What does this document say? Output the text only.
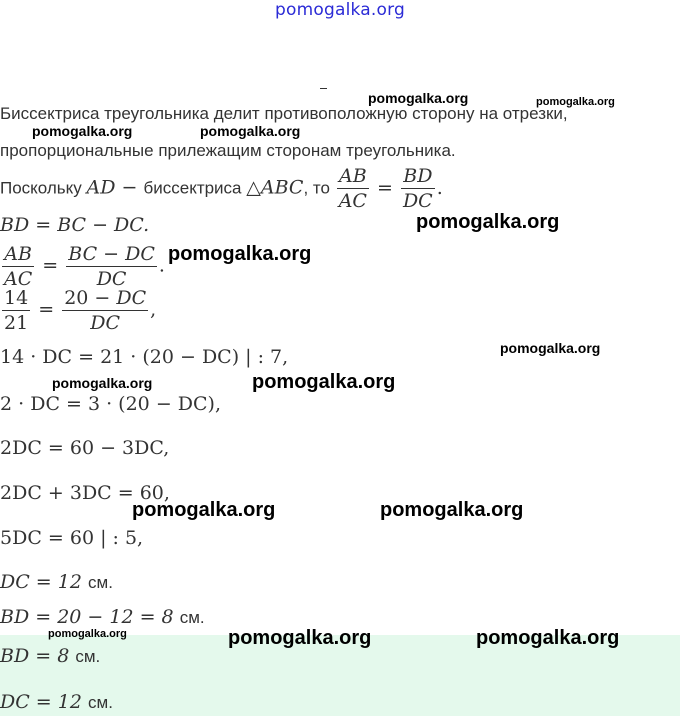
pomogalka.org
Биссектриса треугольника делит противоположную сторону на отрезки,
пропорциональные прилежащим сторонам треугольника.
Поскольку AD − биссектриса △ABC, то $\frac{AB}{AC} = \frac{BD}{DC}$ .
BD = BC − DC.
$\frac{AB}{AC} = \frac{BC - DC}{DC}$ .
$\frac{14}{21} = \frac{20 - DC}{DC}$ ,
14 · DC = 21 · (20 − DC) | : 7,
2 · DC = 3 · (20 − DC),
2DC = 60 − 3DC,
2DC + 3DC = 60,
5DC = 60 | : 5,
DC = 12 см.
BD = 20 − 12 = 8 см.
BD = 8 см.
DC = 12 см.
pomogalka.org	pomogalka.org
pomogalka.org	pomogalka.org
pomogalka.org
pomogalka.org
pomogalka.org
pomogalka.org	pomogalka.org
pomogalka.org	pomogalka.org
pomogalka.org	pomogalka.org	pomogalka.org
